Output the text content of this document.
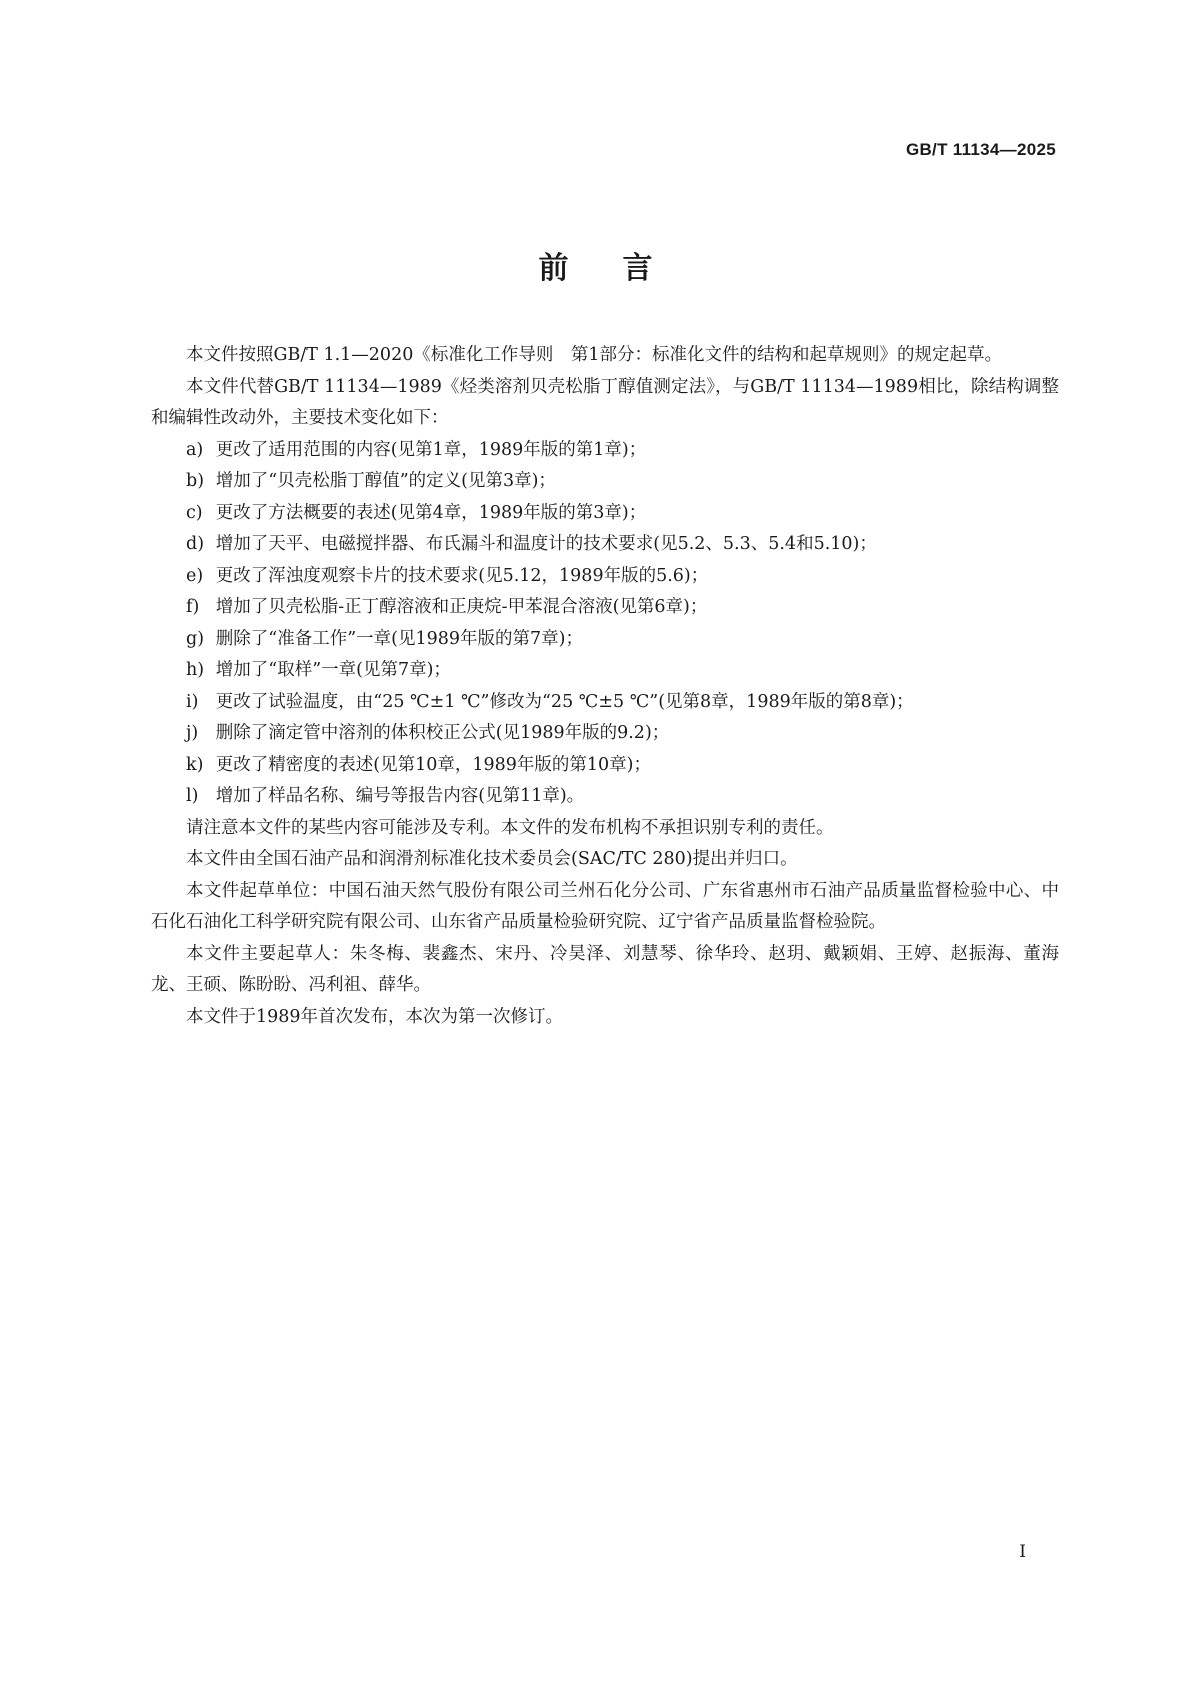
GB/T 11134—2025
前言

本文件按照GB/T 1.1—2020《标准化工作导则　第1部分：标准化文件的结构和起草规则》的规定起草。

本文件代替GB/T 11134—1989《烃类溶剂贝壳松脂丁醇值测定法》，与GB/T 11134—1989相比，除结构调整和编辑性改动外，主要技术变化如下：

a) 更改了适用范围的内容(见第1章，1989年版的第1章)；

b) 增加了“贝壳松脂丁醇值”的定义(见第3章)；

c) 更改了方法概要的表述(见第4章，1989年版的第3章)；

d) 增加了天平、电磁搅拌器、布氏漏斗和温度计的技术要求(见5.2、5.3、5.4和5.10)；

e) 更改了浑浊度观察卡片的技术要求(见5.12，1989年版的5.6)；

f) 增加了贝壳松脂-正丁醇溶液和正庚烷-甲苯混合溶液(见第6章)；

g) 删除了“准备工作”一章(见1989年版的第7章)；

h) 增加了“取样”一章(见第7章)；

i) 更改了试验温度，由“25 ℃±1 ℃”修改为“25 ℃±5 ℃”(见第8章，1989年版的第8章)；

j) 删除了滴定管中溶剂的体积校正公式(见1989年版的9.2)；

k) 更改了精密度的表述(见第10章，1989年版的第10章)；

l) 增加了样品名称、编号等报告内容(见第11章)。

请注意本文件的某些内容可能涉及专利。本文件的发布机构不承担识别专利的责任。

本文件由全国石油产品和润滑剂标准化技术委员会(SAC/TC 280)提出并归口。

本文件起草单位：中国石油天然气股份有限公司兰州石化分公司、广东省惠州市石油产品质量监督检验中心、中石化石油化工科学研究院有限公司、山东省产品质量检验研究院、辽宁省产品质量监督检验院。

本文件主要起草人：朱冬梅、裴鑫杰、宋丹、冷昊泽、刘慧琴、徐华玲、赵玥、戴颖娟、王婷、赵振海、董海龙、王硕、陈盼盼、冯利祖、薛华。

本文件于1989年首次发布，本次为第一次修订。

I
